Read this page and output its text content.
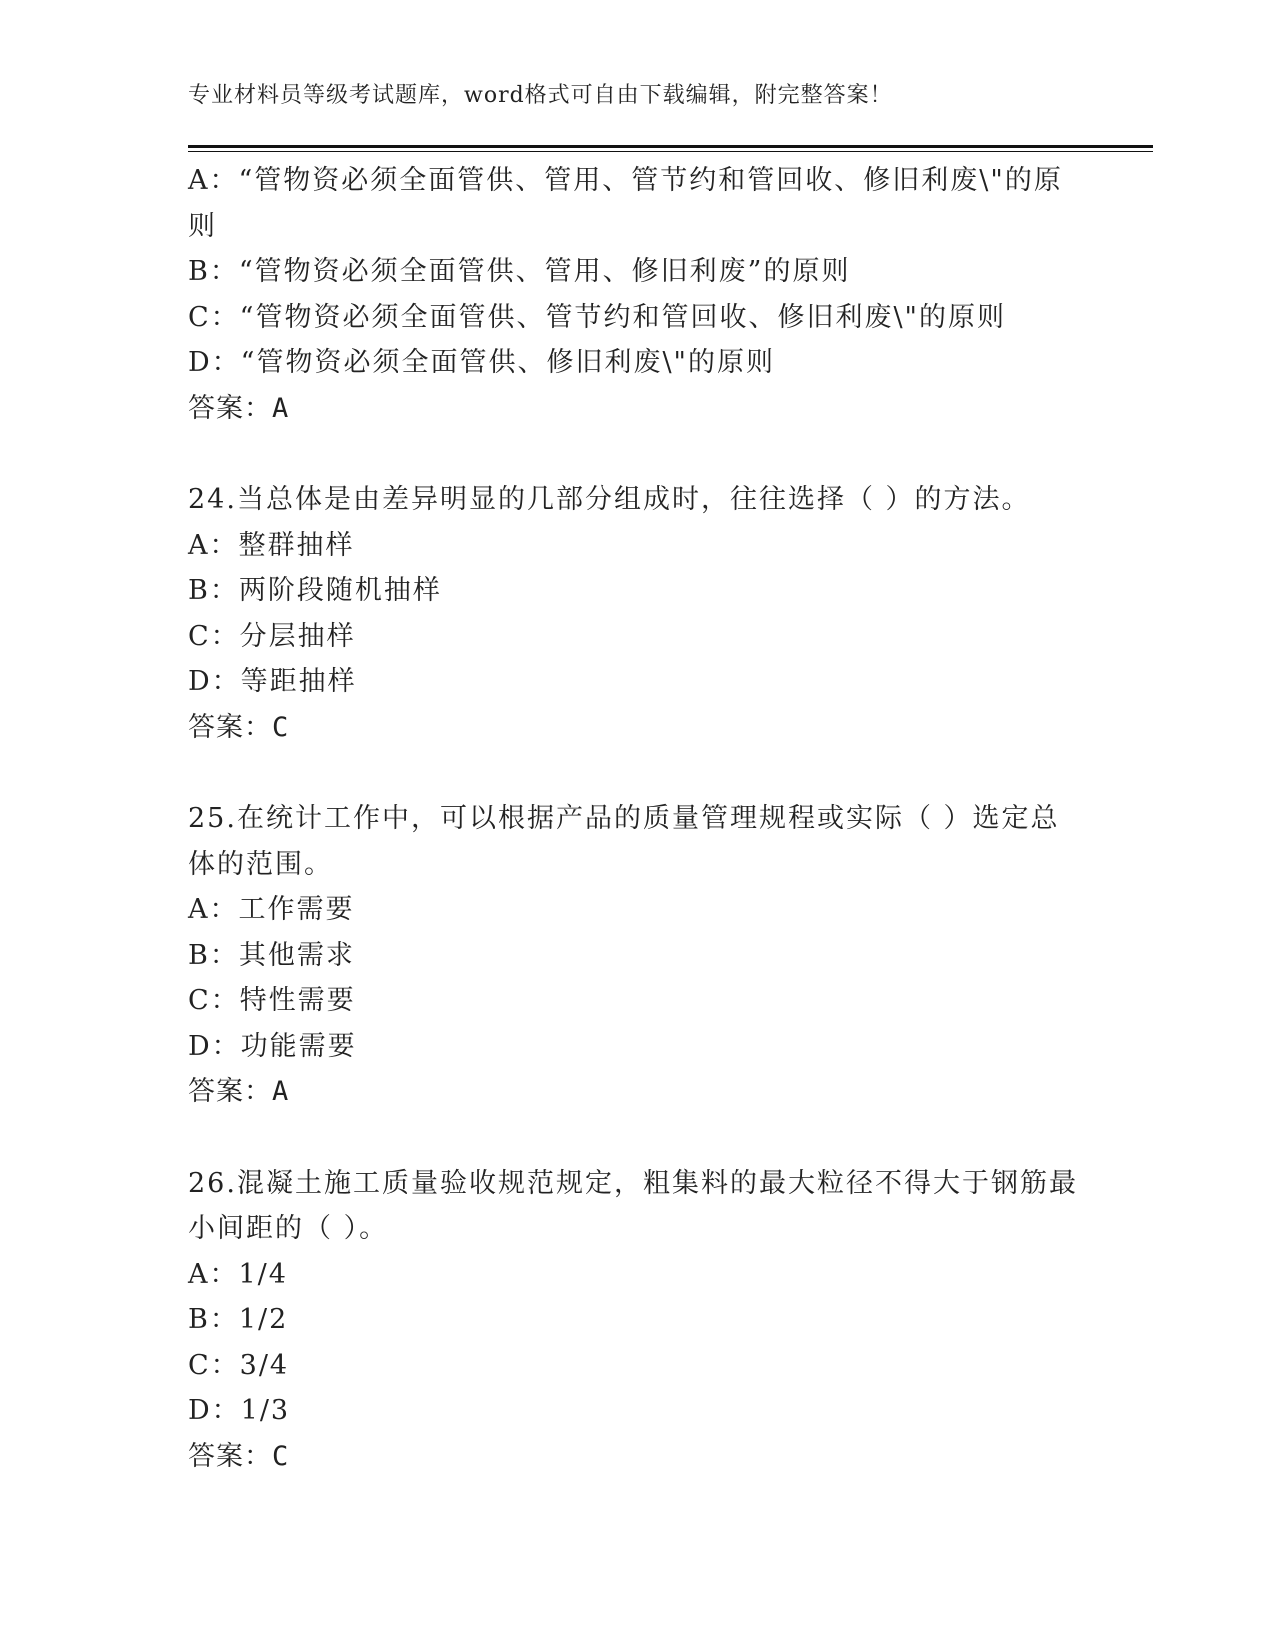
专业材料员等级考试题库，word格式可自由下载编辑，附完整答案！

A：“管物资必须全面管供、管用、管节约和管回收、修旧利废\"的原

则

B：“管物资必须全面管供、管用、修旧利废”的原则

C：“管物资必须全面管供、管节约和管回收、修旧利废\"的原则

D：“管物资必须全面管供、修旧利废\"的原则

答案：A

24.当总体是由差异明显的几部分组成时，往往选择（ ）的方法。

A：整群抽样

B：两阶段随机抽样

C：分层抽样

D：等距抽样

答案：C

25.在统计工作中，可以根据产品的质量管理规程或实际（ ）选定总

体的范围。

A：工作需要

B：其他需求

C：特性需要

D：功能需要

答案：A

26.混凝土施工质量验收规范规定，粗集料的最大粒径不得大于钢筋最

小间距的（ ）。

A：1/4

B：1/2

C：3/4

D：1/3

答案：C
